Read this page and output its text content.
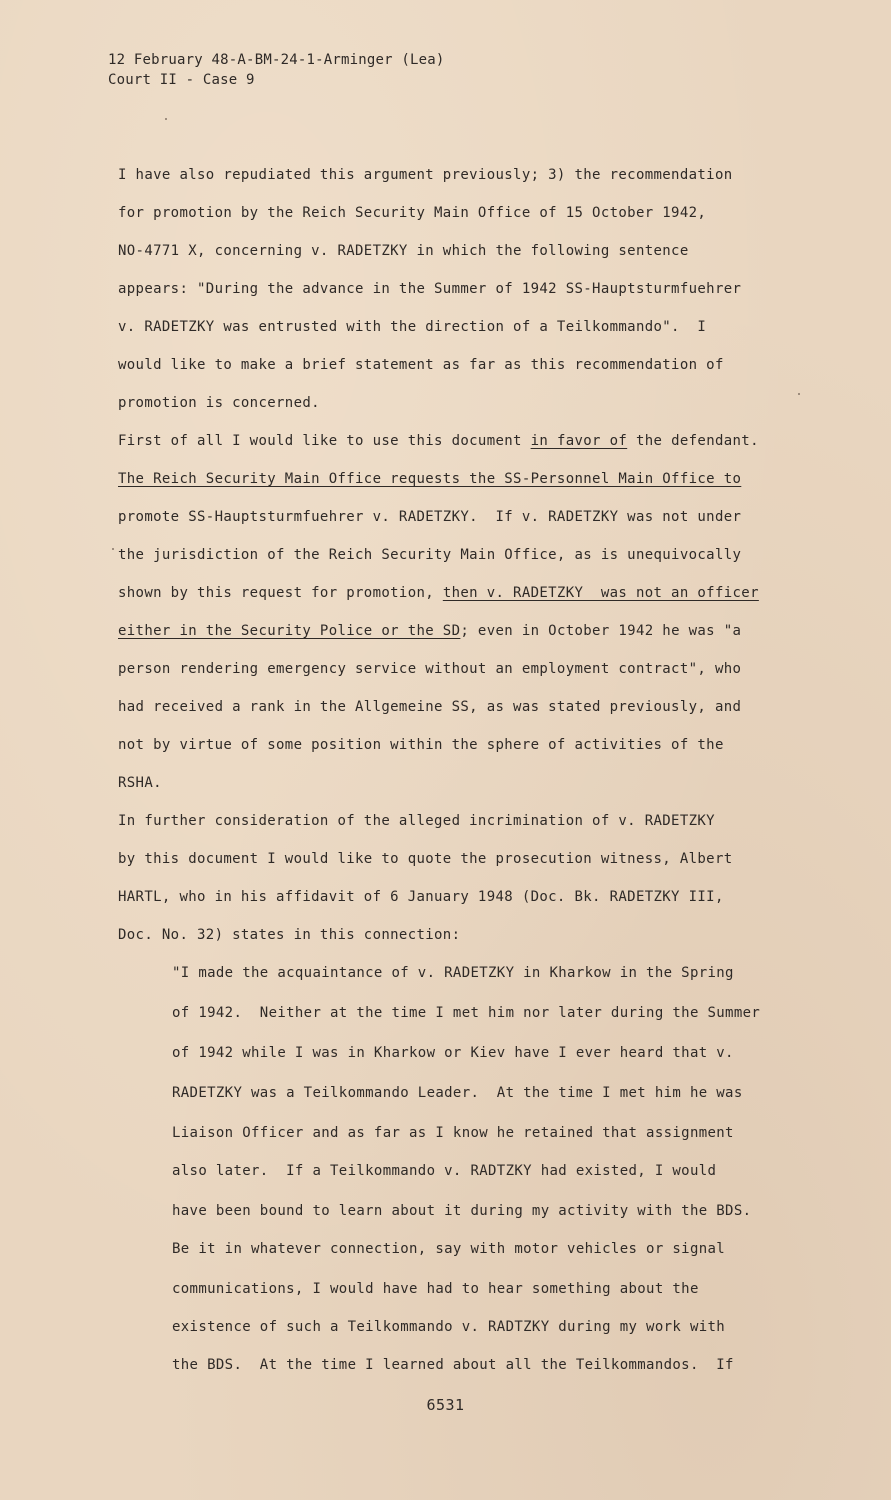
12 February 48-A-BM-24-1-Arminger (Lea)
Court II - Case 9
I have also repudiated this argument previously; 3) the recommendation
for promotion by the Reich Security Main Office of 15 October 1942,
NO-4771 X, concerning v. RADETZKY in which the following sentence
appears: "During the advance in the Summer of 1942 SS-Hauptsturmfuehrer
v. RADETZKY was entrusted with the direction of a Teilkommando".  I
would like to make a brief statement as far as this recommendation of
promotion is concerned.
First of all I would like to use this document in favor of the defendant.
The Reich Security Main Office requests the SS-Personnel Main Office to
promote SS-Hauptsturmfuehrer v. RADETZKY.  If v. RADETZKY was not under
the jurisdiction of the Reich Security Main Office, as is unequivocally
shown by this request for promotion, then v. RADETZKY  was not an officer
either in the Security Police or the SD; even in October 1942 he was "a
person rendering emergency service without an employment contract", who
had received a rank in the Allgemeine SS, as was stated previously, and
not by virtue of some position within the sphere of activities of the
RSHA.
In further consideration of the alleged incrimination of v. RADETZKY
by this document I would like to quote the prosecution witness, Albert
HARTL, who in his affidavit of 6 January 1948 (Doc. Bk. RADETZKY III,
Doc. No. 32) states in this connection:
"I made the acquaintance of v. RADETZKY in Kharkow in the Spring
of 1942.  Neither at the time I met him nor later during the Summer
of 1942 while I was in Kharkow or Kiev have I ever heard that v.
RADETZKY was a Teilkommando Leader.  At the time I met him he was
Liaison Officer and as far as I know he retained that assignment
also later.  If a Teilkommando v. RADTZKY had existed, I would
have been bound to learn about it during my activity with the BDS.
Be it in whatever connection, say with motor vehicles or signal
communications, I would have had to hear something about the
existence of such a Teilkommando v. RADTZKY during my work with
the BDS.  At the time I learned about all the Teilkommandos.  If
6531
